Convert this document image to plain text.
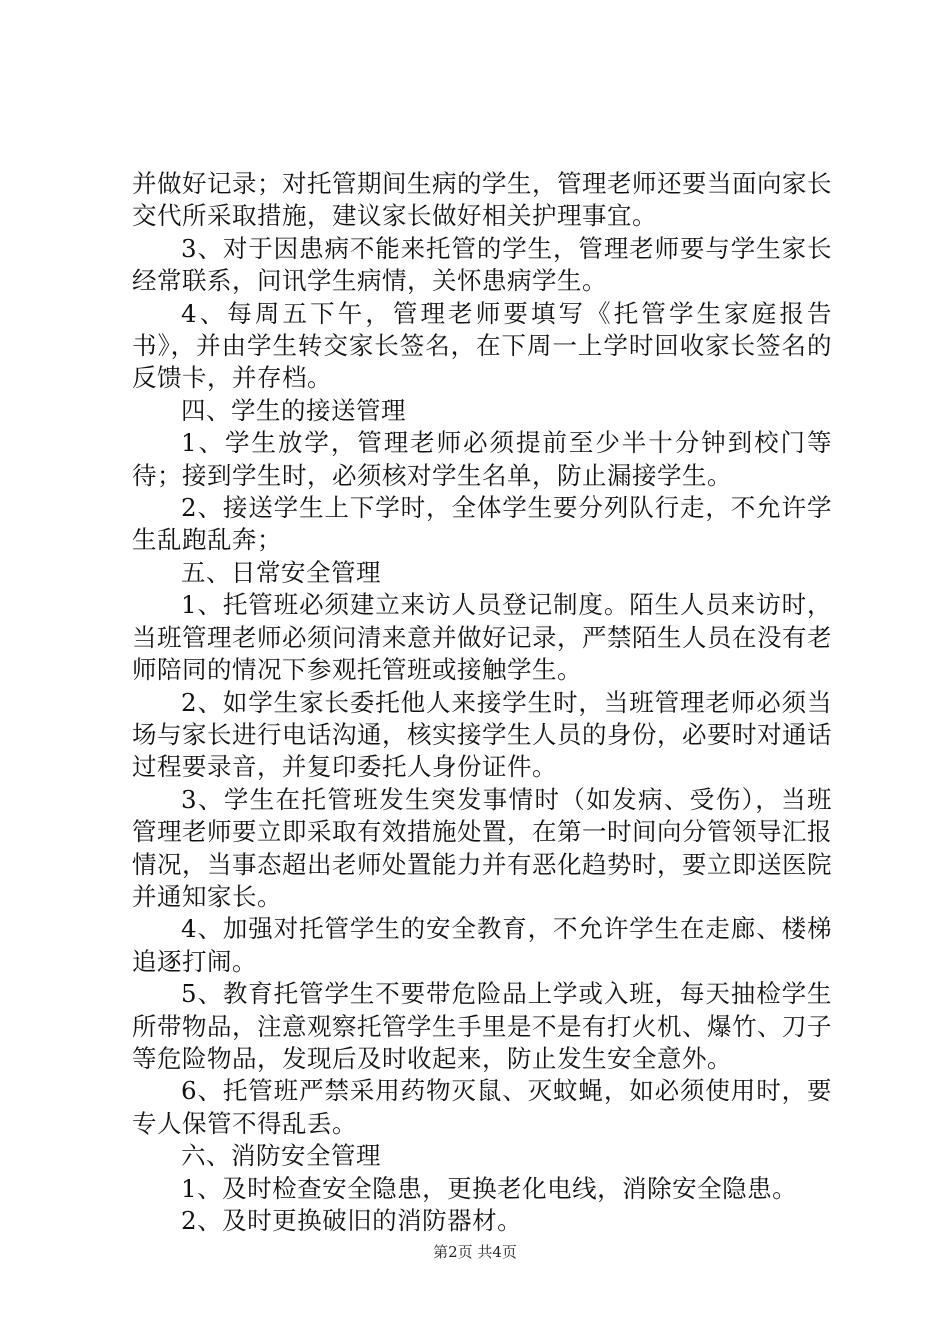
并做好记录；对托管期间生病的学生，管理老师还要当面向家长交代所采取措施，建议家长做好相关护理事宜。

3、对于因患病不能来托管的学生，管理老师要与学生家长经常联系，问讯学生病情，关怀患病学生。

4、每周五下午，管理老师要填写《托管学生家庭报告书》，并由学生转交家长签名，在下周一上学时回收家长签名的反馈卡，并存档。

四、学生的接送管理

1、学生放学，管理老师必须提前至少半十分钟到校门等待；接到学生时，必须核对学生名单，防止漏接学生。

2、接送学生上下学时，全体学生要分列队行走，不允许学生乱跑乱奔；

五、日常安全管理

1、托管班必须建立来访人员登记制度。陌生人员来访时，当班管理老师必须问清来意并做好记录，严禁陌生人员在没有老师陪同的情况下参观托管班或接触学生。

2、如学生家长委托他人来接学生时，当班管理老师必须当场与家长进行电话沟通，核实接学生人员的身份，必要时对通话过程要录音，并复印委托人身份证件。

3、学生在托管班发生突发事情时（如发病、受伤），当班管理老师要立即采取有效措施处置，在第一时间向分管领导汇报情况，当事态超出老师处置能力并有恶化趋势时，要立即送医院并通知家长。

4、加强对托管学生的安全教育，不允许学生在走廊、楼梯追逐打闹。

5、教育托管学生不要带危险品上学或入班，每天抽检学生所带物品，注意观察托管学生手里是不是有打火机、爆竹、刀子等危险物品，发现后及时收起来，防止发生安全意外。

6、托管班严禁采用药物灭鼠、灭蚊蝇，如必须使用时，要专人保管不得乱丢。

六、消防安全管理

1、及时检查安全隐患，更换老化电线，消除安全隐患。

2、及时更换破旧的消防器材。

第2页 共4页
